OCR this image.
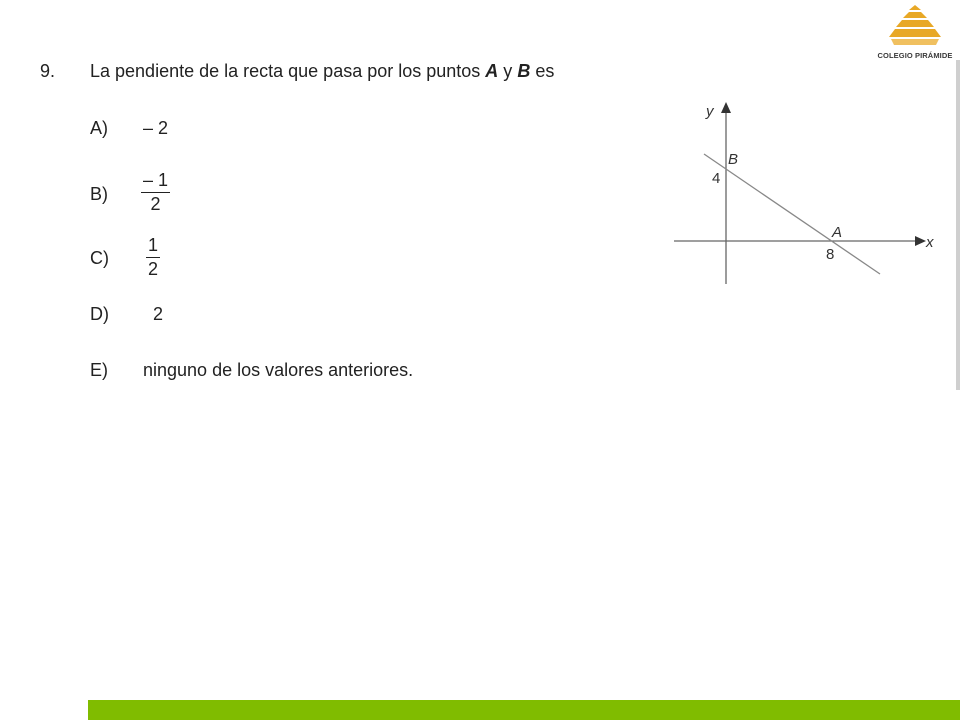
COLEGIO PIRÁMIDE
9. La pendiente de la recta que pasa por los puntos A y B es
A) – 2
$B) \frac{- 1}{2}$
$C) \frac{1}{2}$
D) 2
E) ninguno de los valores anteriores.
y
x
B
4
A
8
